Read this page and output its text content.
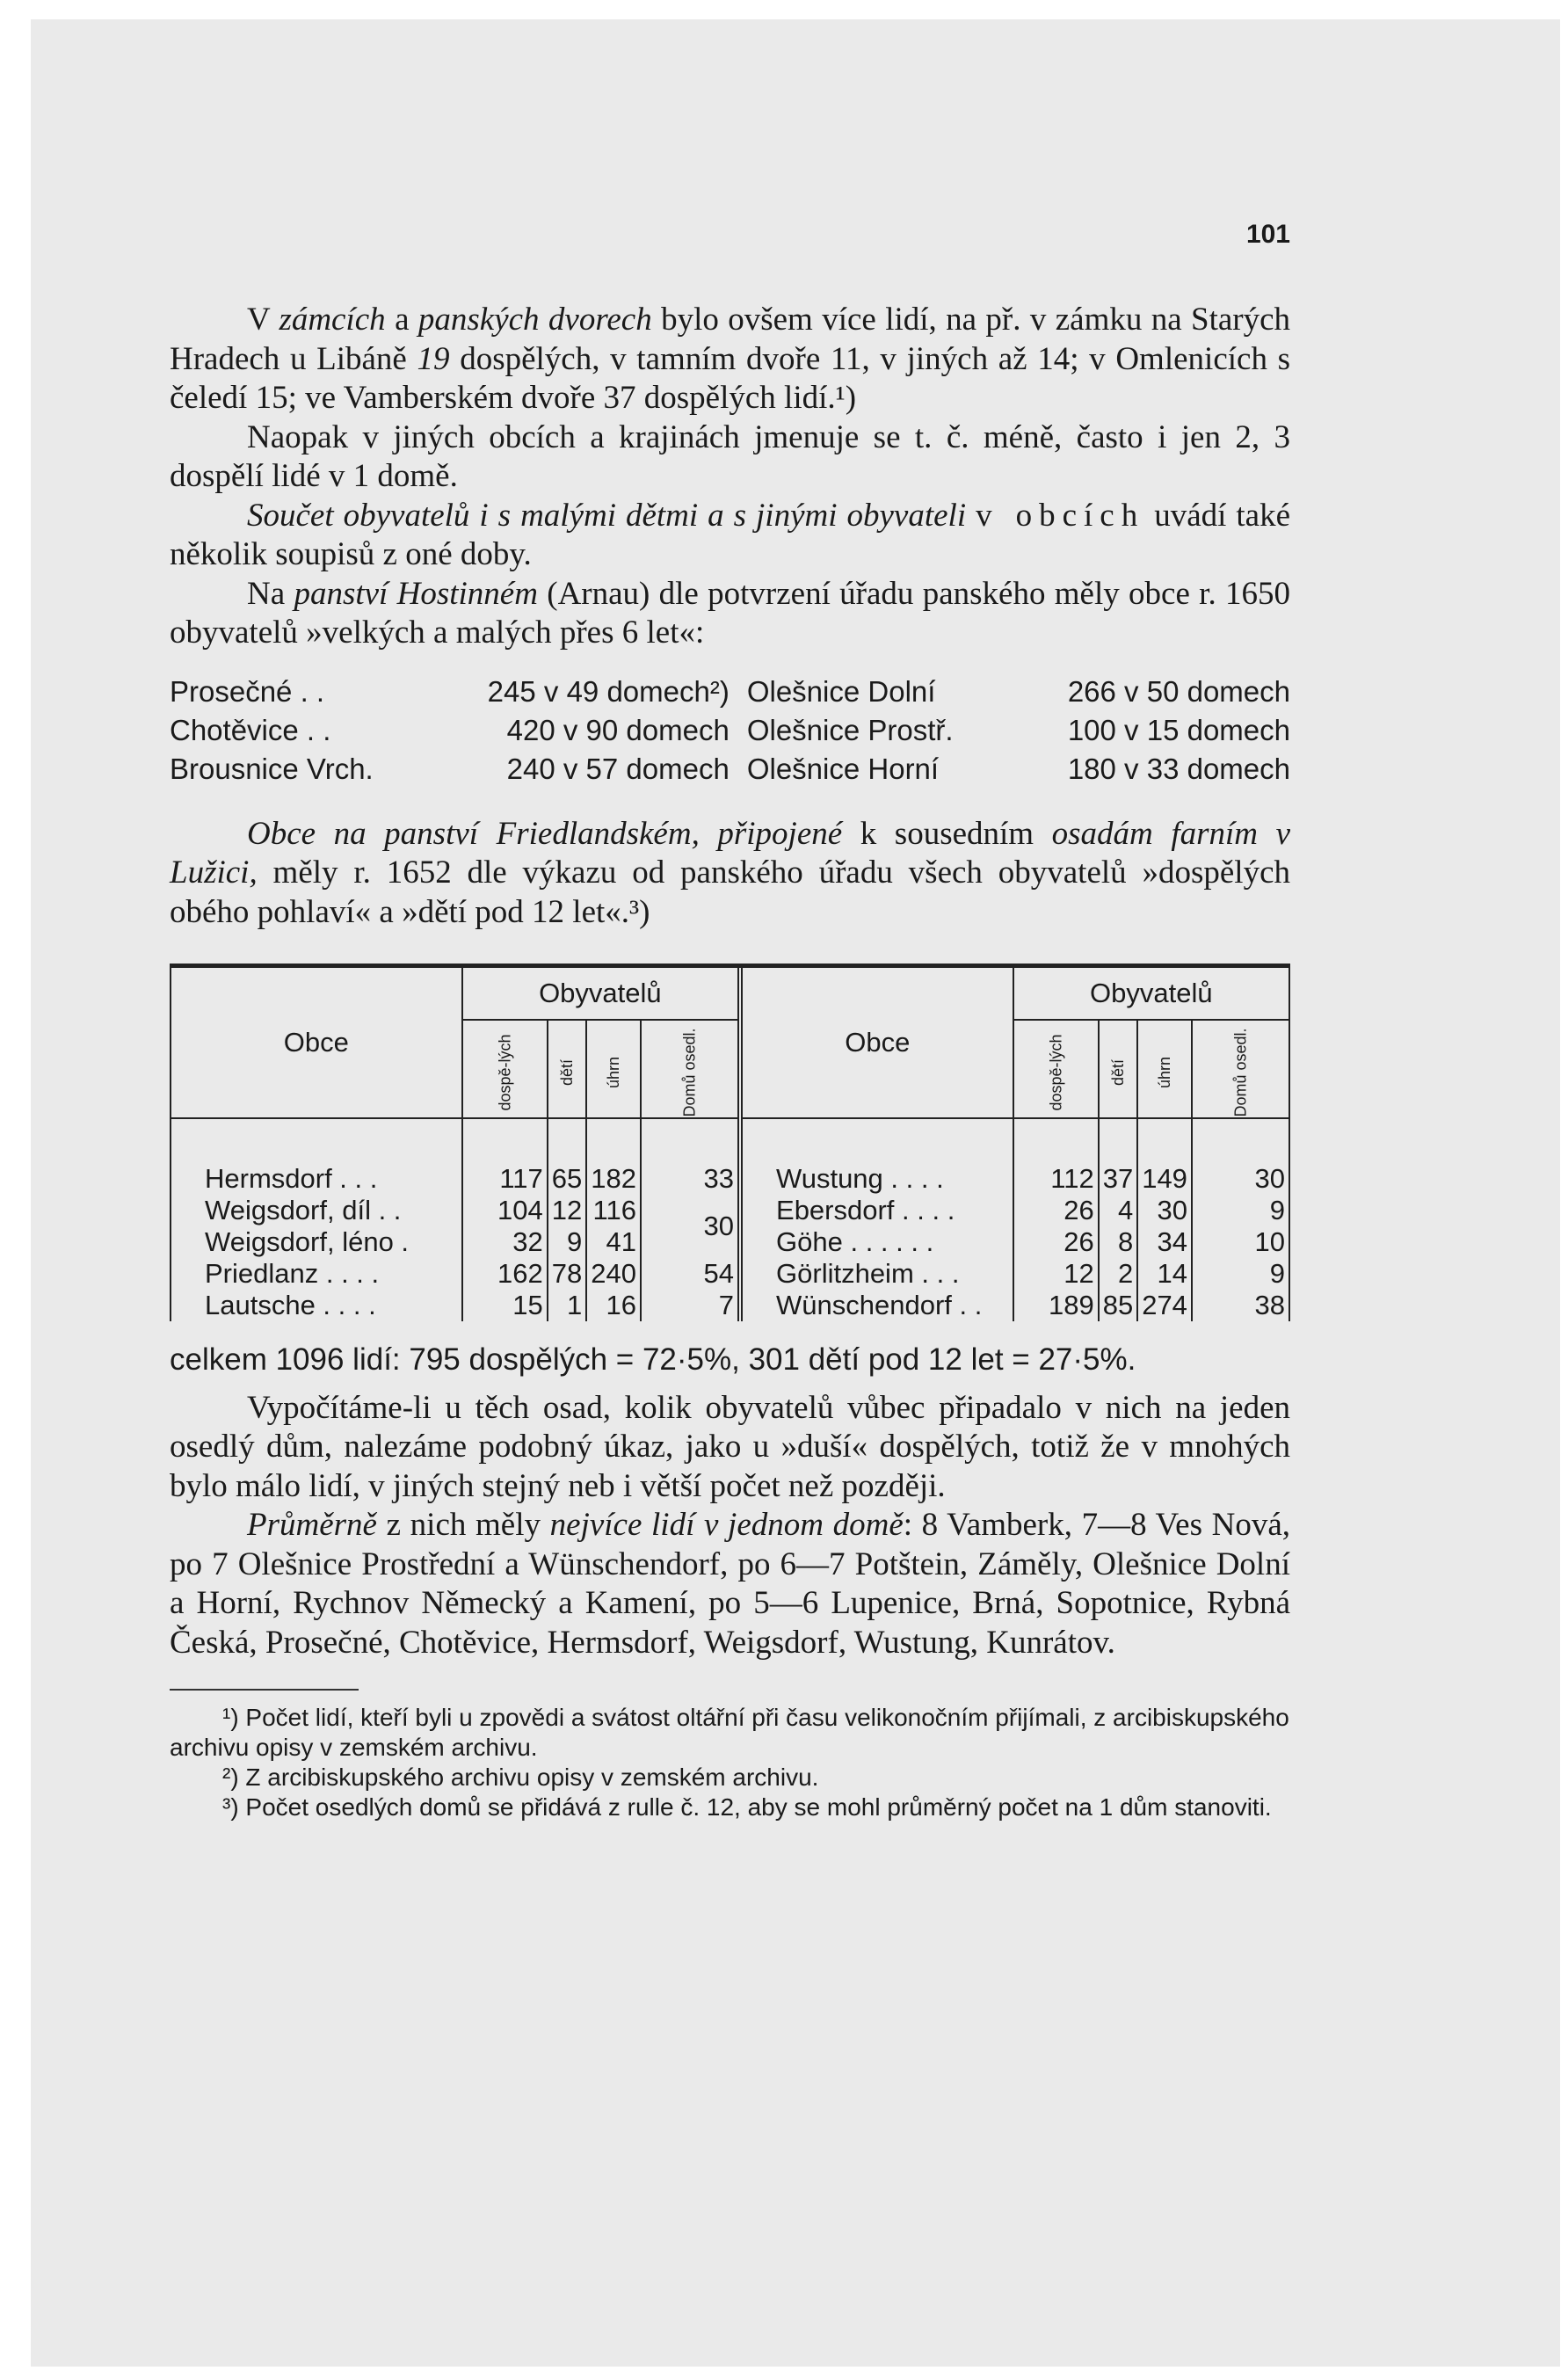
101

V zámcích a panských dvorech bylo ovšem více lidí, na př. v zámku na Starých Hradech u Libáně 19 dospělých, v tamním dvoře 11, v jiných až 14; v Omlenicích s čeledí 15; ve Vamberském dvoře 37 dospělých lidí.¹)

Naopak v jiných obcích a krajinách jmenuje se t. č. méně, často i jen 2, 3 dospělí lidé v 1 domě.

Součet obyvatelů i s malými dětmi a s jinými obyvateli v obcích uvádí také několik soupisů z oné doby.

Na panství Hostinném (Arnau) dle potvrzení úřadu panského měly obce r. 1650 obyvatelů »velkých a malých přes 6 let«:

Prosečné . .	245 v 49 domech²)	Olešnice Dolní	266 v 50 domech
Chotěvice . .	420 v 90 domech	Olešnice Prostř.	100 v 15 domech
Brousnice Vrch.	240 v 57 domech	Olešnice Horní	180 v 33 domech

Obce na panství Friedlandském, připojené k sousedním osadám farním v Lužici, měly r. 1652 dle výkazu od panského úřadu všech obyvatelů »dospělých obého pohlaví« a »dětí pod 12 let«.³)

Obce	Obyvatelů				Obce	Obyvatelů			
	dospě-lých	dětí	úhrn	Domů osedl.		dospě-lých	dětí	úhrn	Domů osedl.
Hermsdorf . . .	117	65	182	33	Wustung . . . .	112	37	149	30
Weigsdorf, díl . .	104	12	116	30	Ebersdorf . . . .	26	4	30	9
Weigsdorf, léno .	32	9	41		Göhe . . . . . .	26	8	34	10
Priedlanz . . . .	162	78	240	54	Görlitzheim . . .	12	2	14	9
Lautsche . . . .	15	1	16	7	Wünschendorf . .	189	85	274	38

celkem 1096 lidí: 795 dospělých = 72·5%, 301 dětí pod 12 let = 27·5%.

Vypočítáme-li u těch osad, kolik obyvatelů vůbec připadalo v nich na jeden osedlý dům, nalezáme podobný úkaz, jako u »duší« dospělých, totiž že v mnohých bylo málo lidí, v jiných stejný neb i větší počet než později.

Průměrně z nich měly nejvíce lidí v jednom domě: 8 Vamberk, 7—8 Ves Nová, po 7 Olešnice Prostřední a Wünschendorf, po 6—7 Potštein, Záměly, Olešnice Dolní a Horní, Rychnov Německý a Kamení, po 5—6 Lupenice, Brná, Sopotnice, Rybná Česká, Prosečné, Chotěvice, Hermsdorf, Weigsdorf, Wustung, Kunrátov.

¹) Počet lidí, kteří byli u zpovědi a svátost oltářní při času velikonočním přijímali, z arcibiskupského archivu opisy v zemském archivu.

²) Z arcibiskupského archivu opisy v zemském archivu.

³) Počet osedlých domů se přidává z rulle č. 12, aby se mohl průměrný počet na 1 dům stanoviti.
